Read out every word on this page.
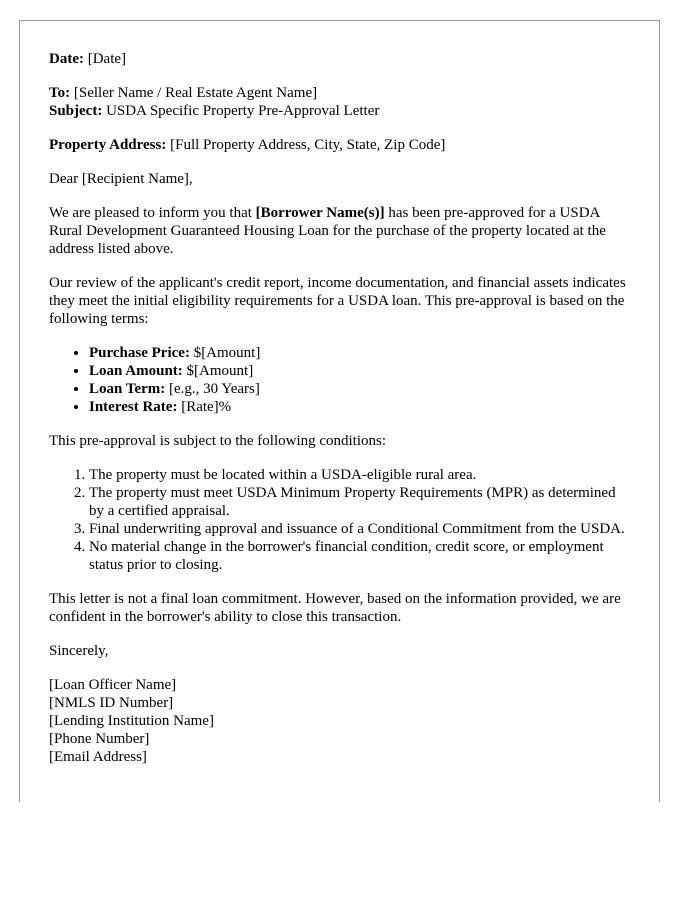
Date: [Date]

To: [Seller Name / Real Estate Agent Name]

Subject: USDA Specific Property Pre-Approval Letter

Property Address: [Full Property Address, City, State, Zip Code]

Dear [Recipient Name],

We are pleased to inform you that [Borrower Name(s)] has been pre-approved for a USDA Rural Development Guaranteed Housing Loan for the purchase of the property located at the address listed above.

Our review of the applicant's credit report, income documentation, and financial assets indicates they meet the initial eligibility requirements for a USDA loan. This pre-approval is based on the following terms:

• Purchase Price: $[Amount]
• Loan Amount: $[Amount]
• Loan Term: [e.g., 30 Years]
• Interest Rate: [Rate]%

This pre-approval is subject to the following conditions:

1. The property must be located within a USDA-eligible rural area.
2. The property must meet USDA Minimum Property Requirements (MPR) as determined by a certified appraisal.
3. Final underwriting approval and issuance of a Conditional Commitment from the USDA.
4. No material change in the borrower's financial condition, credit score, or employment status prior to closing.

This letter is not a final loan commitment. However, based on the information provided, we are confident in the borrower's ability to close this transaction.

Sincerely,

[Loan Officer Name]
[NMLS ID Number]
[Lending Institution Name]
[Phone Number]
[Email Address]
